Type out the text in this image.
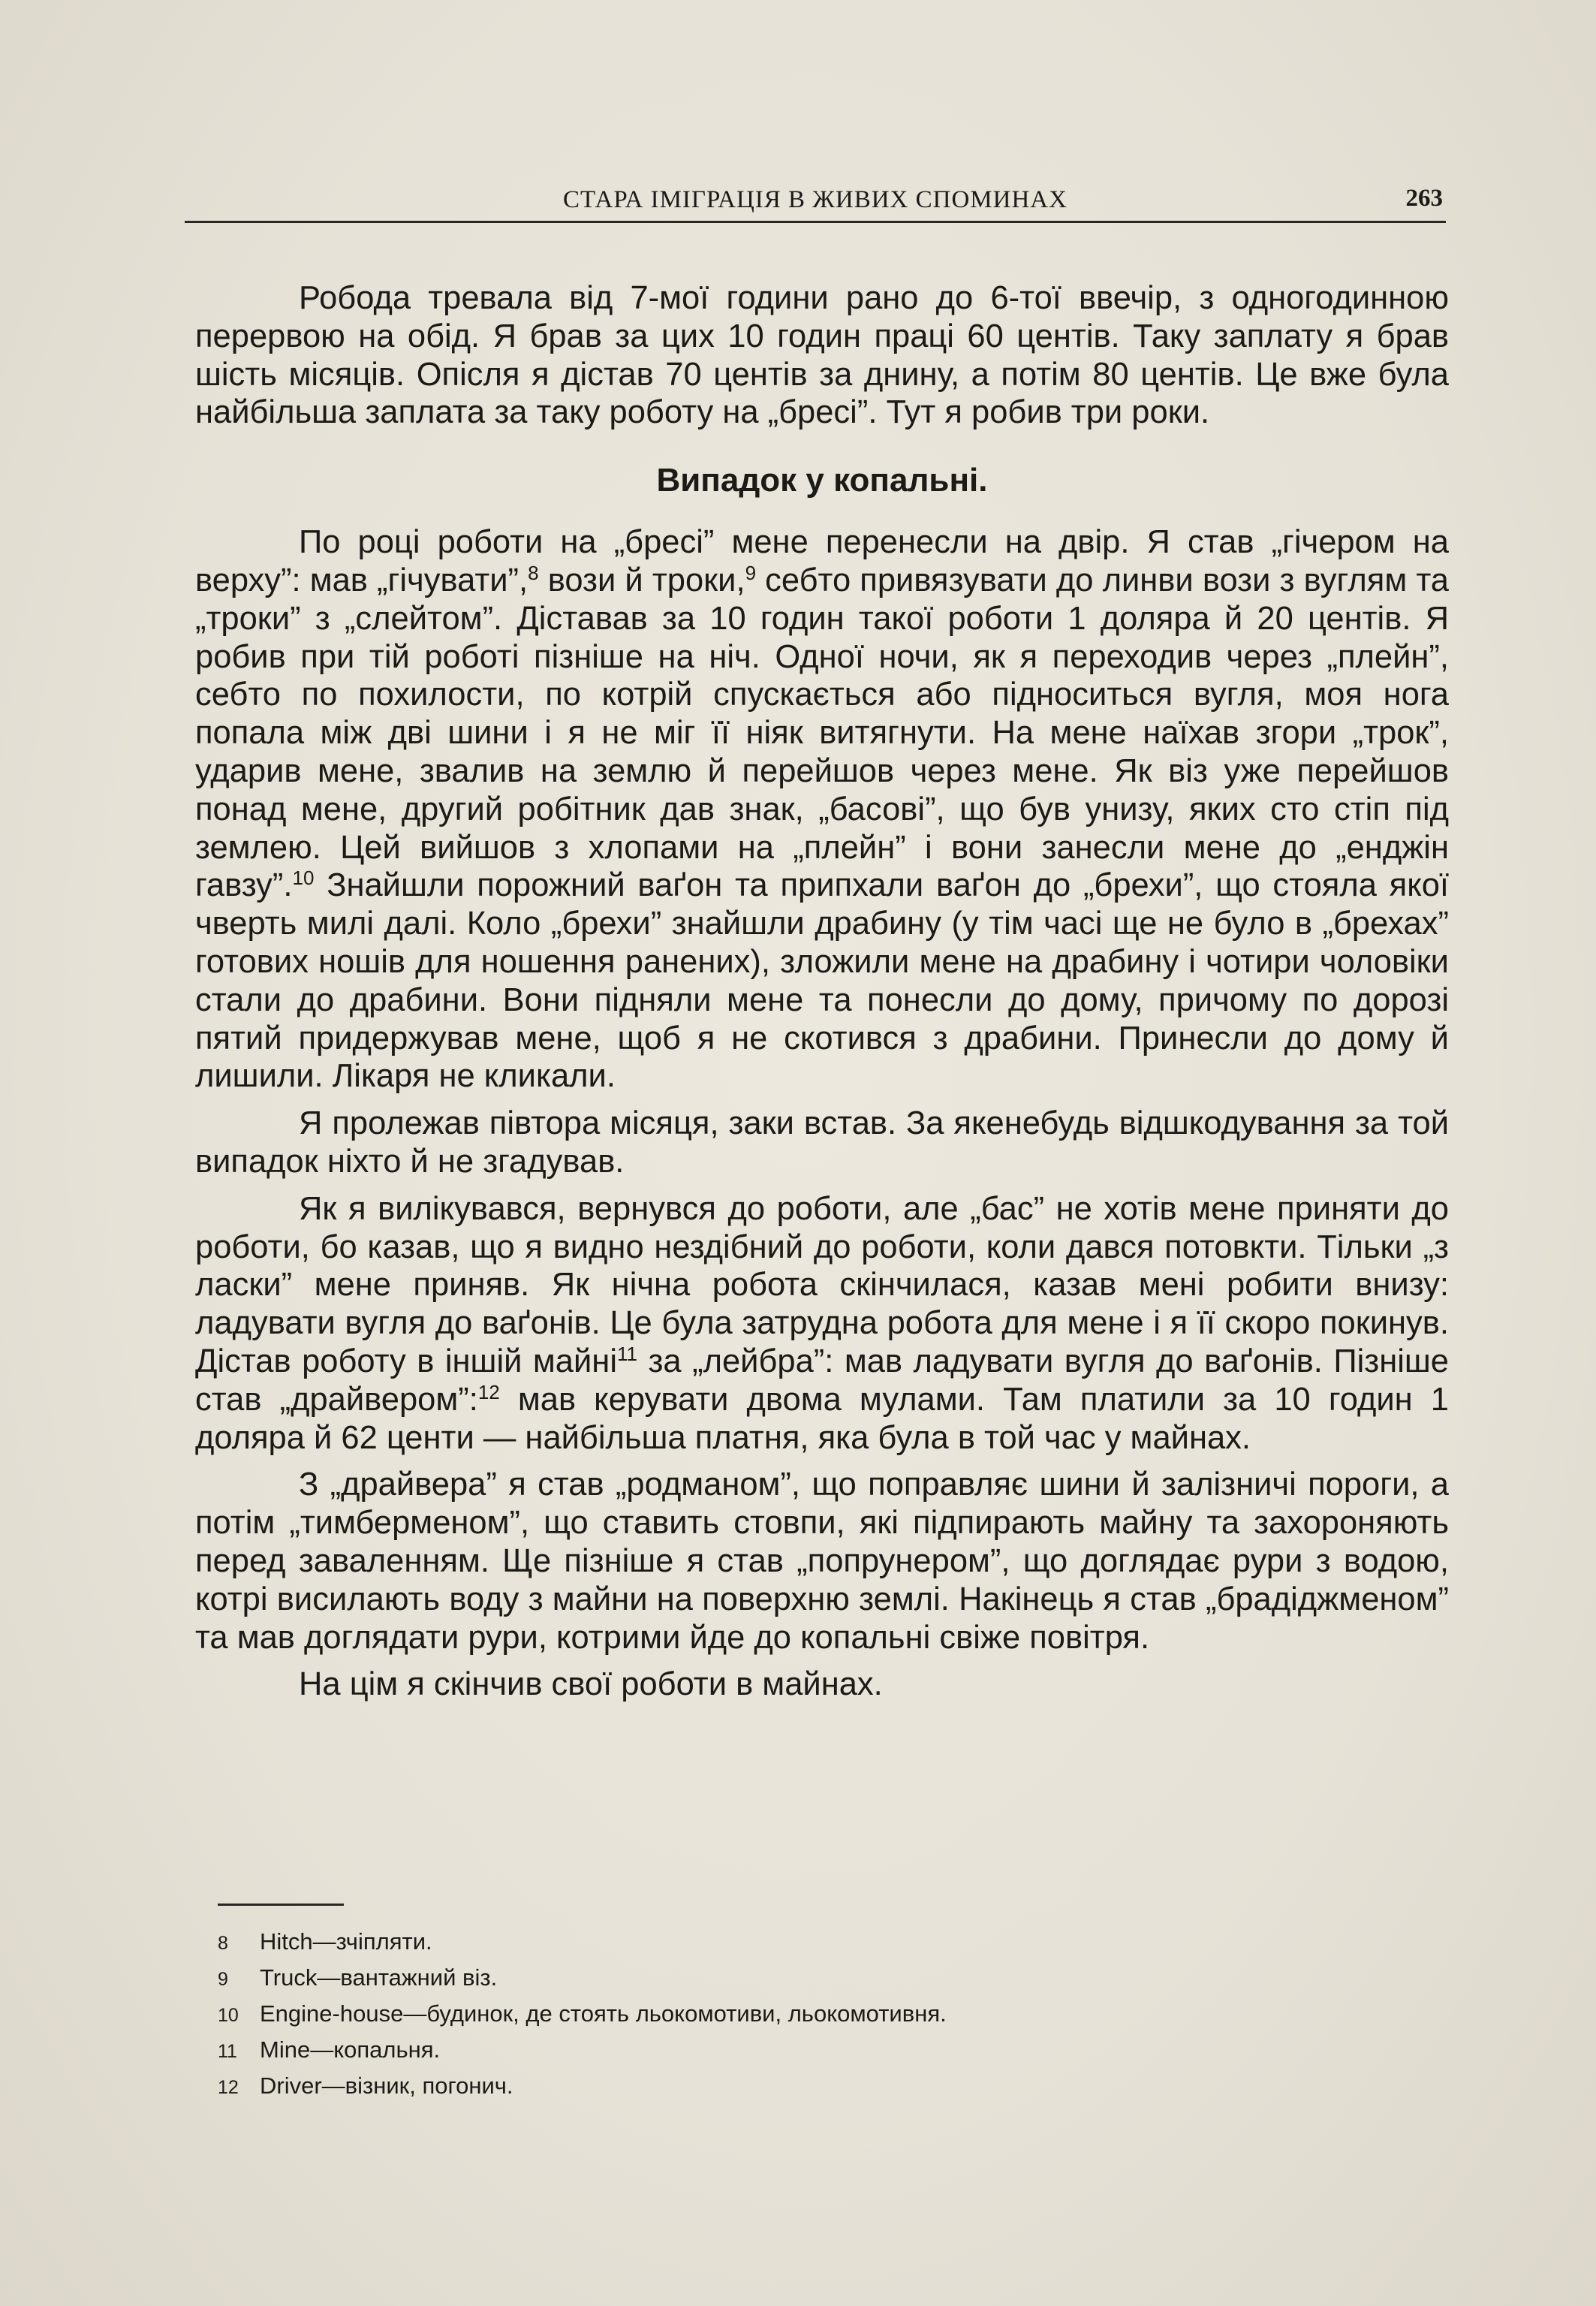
СТАРА ІМІГРАЦІЯ В ЖИВИХ СПОМИНАХ	263

Робода тревала від 7-мої години рано до 6-тої ввечір, з одногодинною перервою на обід. Я брав за цих 10 годин праці 60 центів. Таку заплату я брав шість місяців. Опісля я дістав 70 центів за днину, а потім 80 центів. Це вже була найбільша заплата за таку роботу на „бресі”. Тут я робив три роки.

Випадок у копальні.

По році роботи на „бресі” мене перенесли на двір. Я став „гічером на верху”: мав „гічувати”,$^8$ вози й троки,$^9$ себто привязувати до линви вози з вуглям та „троки” з „слейтом”. Діставав за 10 годин такої роботи 1 доляра й 20 центів. Я робив при тій роботі пізніше на ніч. Одної ночи, як я переходив через „плейн”, себто по похилости, по котрій спускається або підноситься вугля, моя нога попала між дві шини і я не міг її ніяк витягнути. На мене наїхав згори „трок”, ударив мене, звалив на землю й перейшов через мене. Як віз уже перейшов понад мене, другий робітник дав знак, „басові”, що був унизу, яких сто стіп під землею. Цей вийшов з хлопами на „плейн” і вони занесли мене до „енджін гавзу”.$^{10}$ Знайшли порожний ваґон та припхали ваґон до „брехи”, що стояла якої чверть милі далі. Коло „брехи” знайшли драбину (у тім часі ще не було в „брехах” готових ношів для ношення ранених), зложили мене на драбину і чотири чоловіки стали до драбини. Вони підняли мене та понесли до дому, причому по дорозі пятий придержував мене, щоб я не скотився з драбини. Принесли до дому й лишили. Лікаря не кликали.

Я пролежав півтора місяця, заки встав. За якенебудь відшкодування за той випадок ніхто й не згадував.

Як я вилікувався, вернувся до роботи, але „бас” не хотів мене приняти до роботи, бо казав, що я видно нездібний до роботи, коли дався потовкти. Тільки „з ласки” мене приняв. Як нічна робота скінчилася, казав мені робити внизу: ладувати вугля до ваґонів. Це була затрудна робота для мене і я її скоро покинув. Дістав роботу в іншій майні$^{11}$ за „лейбра”: мав ладувати вугля до ваґонів. Пізніше став „драйвером”:$^{12}$ мав керувати двома мулами. Там платили за 10 годин 1 доляра й 62 центи — найбільша платня, яка була в той час у майнах.

З „драйвера” я став „родманом”, що поправляє шини й залізничі пороги, а потім „тимберменом”, що ставить стовпи, які підпирають майну та захороняють перед заваленням. Ще пізніше я став „попрунером”, що доглядає рури з водою, котрі висилають воду з майни на поверхню землі. Накінець я став „брадіджменом” та мав доглядати рури, котрими йде до копальні свіже повітря.

На цім я скінчив свої роботи в майнах.

8	Hitch—зчіпляти.
9	Truck—вантажний віз.
10 Engine-house—будинок, де стоять льокомотиви, льокомотивня.
11 Mine—копальня.
12 Driver—візник, погонич.
